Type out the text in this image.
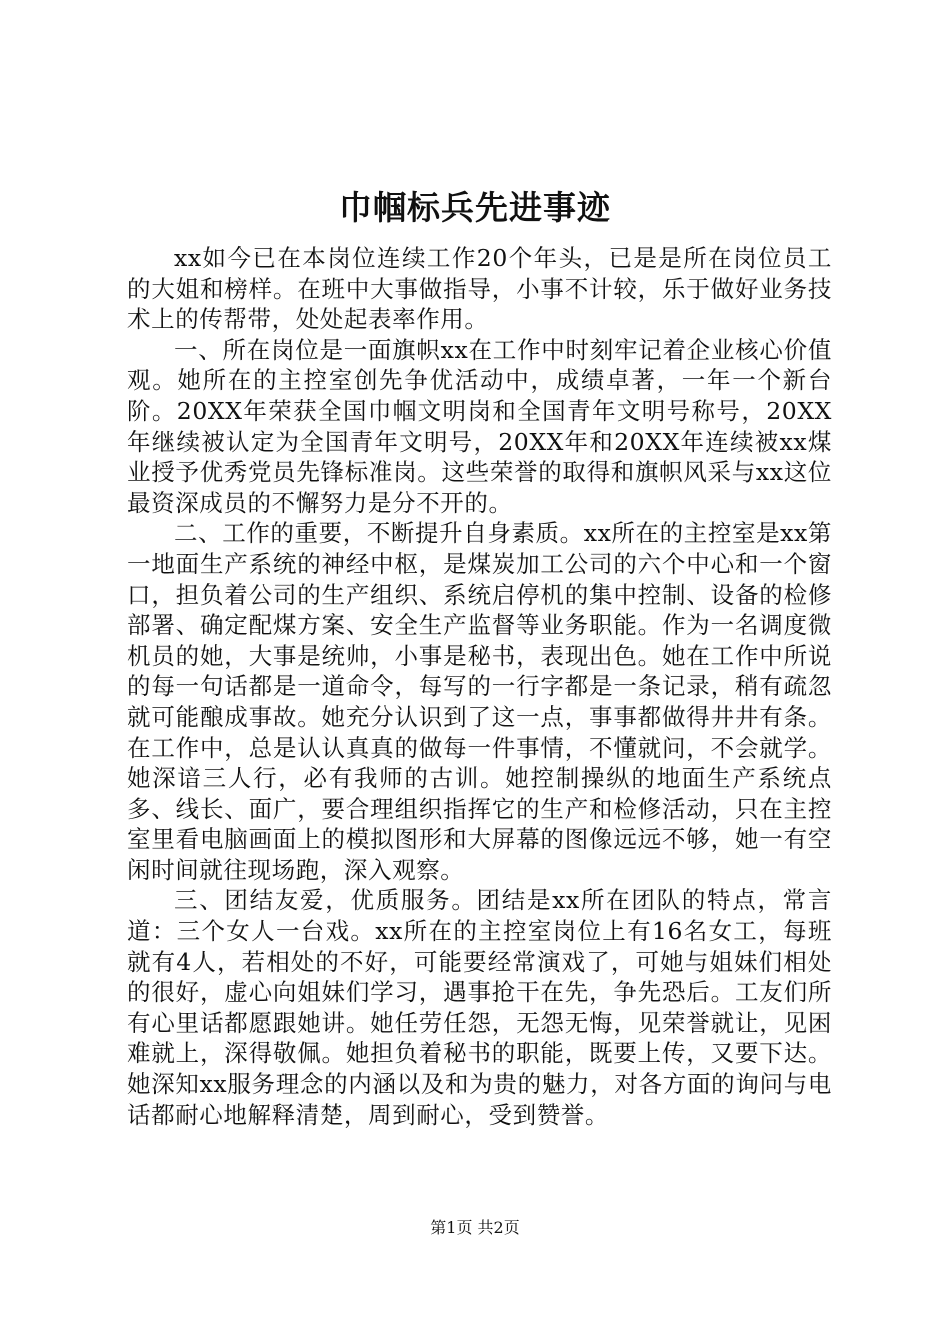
巾帼标兵先进事迹

xx如今已在本岗位连续工作20个年头，已是是所在岗位员工的大姐和榜样。在班中大事做指导，小事不计较，乐于做好业务技术上的传帮带，处处起表率作用。

一、所在岗位是一面旗帜xx在工作中时刻牢记着企业核心价值观。她所在的主控室创先争优活动中，成绩卓著，一年一个新台阶。20XX年荣获全国巾帼文明岗和全国青年文明号称号，20XX年继续被认定为全国青年文明号，20XX年和20XX年连续被xx煤业授予优秀党员先锋标准岗。这些荣誉的取得和旗帜风采与xx这位最资深成员的不懈努力是分不开的。

二、工作的重要，不断提升自身素质。xx所在的主控室是xx第一地面生产系统的神经中枢，是煤炭加工公司的六个中心和一个窗口，担负着公司的生产组织、系统启停机的集中控制、设备的检修部署、确定配煤方案、安全生产监督等业务职能。作为一名调度微机员的她，大事是统帅，小事是秘书，表现出色。她在工作中所说的每一句话都是一道命令，每写的一行字都是一条记录，稍有疏忽就可能酿成事故。她充分认识到了这一点，事事都做得井井有条。在工作中，总是认认真真的做每一件事情，不懂就问，不会就学。她深谙三人行，必有我师的古训。她控制操纵的地面生产系统点多、线长、面广，要合理组织指挥它的生产和检修活动，只在主控室里看电脑画面上的模拟图形和大屏幕的图像远远不够，她一有空闲时间就往现场跑，深入观察。

三、团结友爱，优质服务。团结是xx所在团队的特点，常言道：三个女人一台戏。xx所在的主控室岗位上有16名女工，每班就有4人，若相处的不好，可能要经常演戏了，可她与姐妹们相处的很好，虚心向姐妹们学习，遇事抢干在先，争先恐后。工友们所有心里话都愿跟她讲。她任劳任怨，无怨无悔，见荣誉就让，见困难就上，深得敬佩。她担负着秘书的职能，既要上传，又要下达。她深知xx服务理念的内涵以及和为贵的魅力，对各方面的询问与电话都耐心地解释清楚，周到耐心，受到赞誉。

第1页 共2页
